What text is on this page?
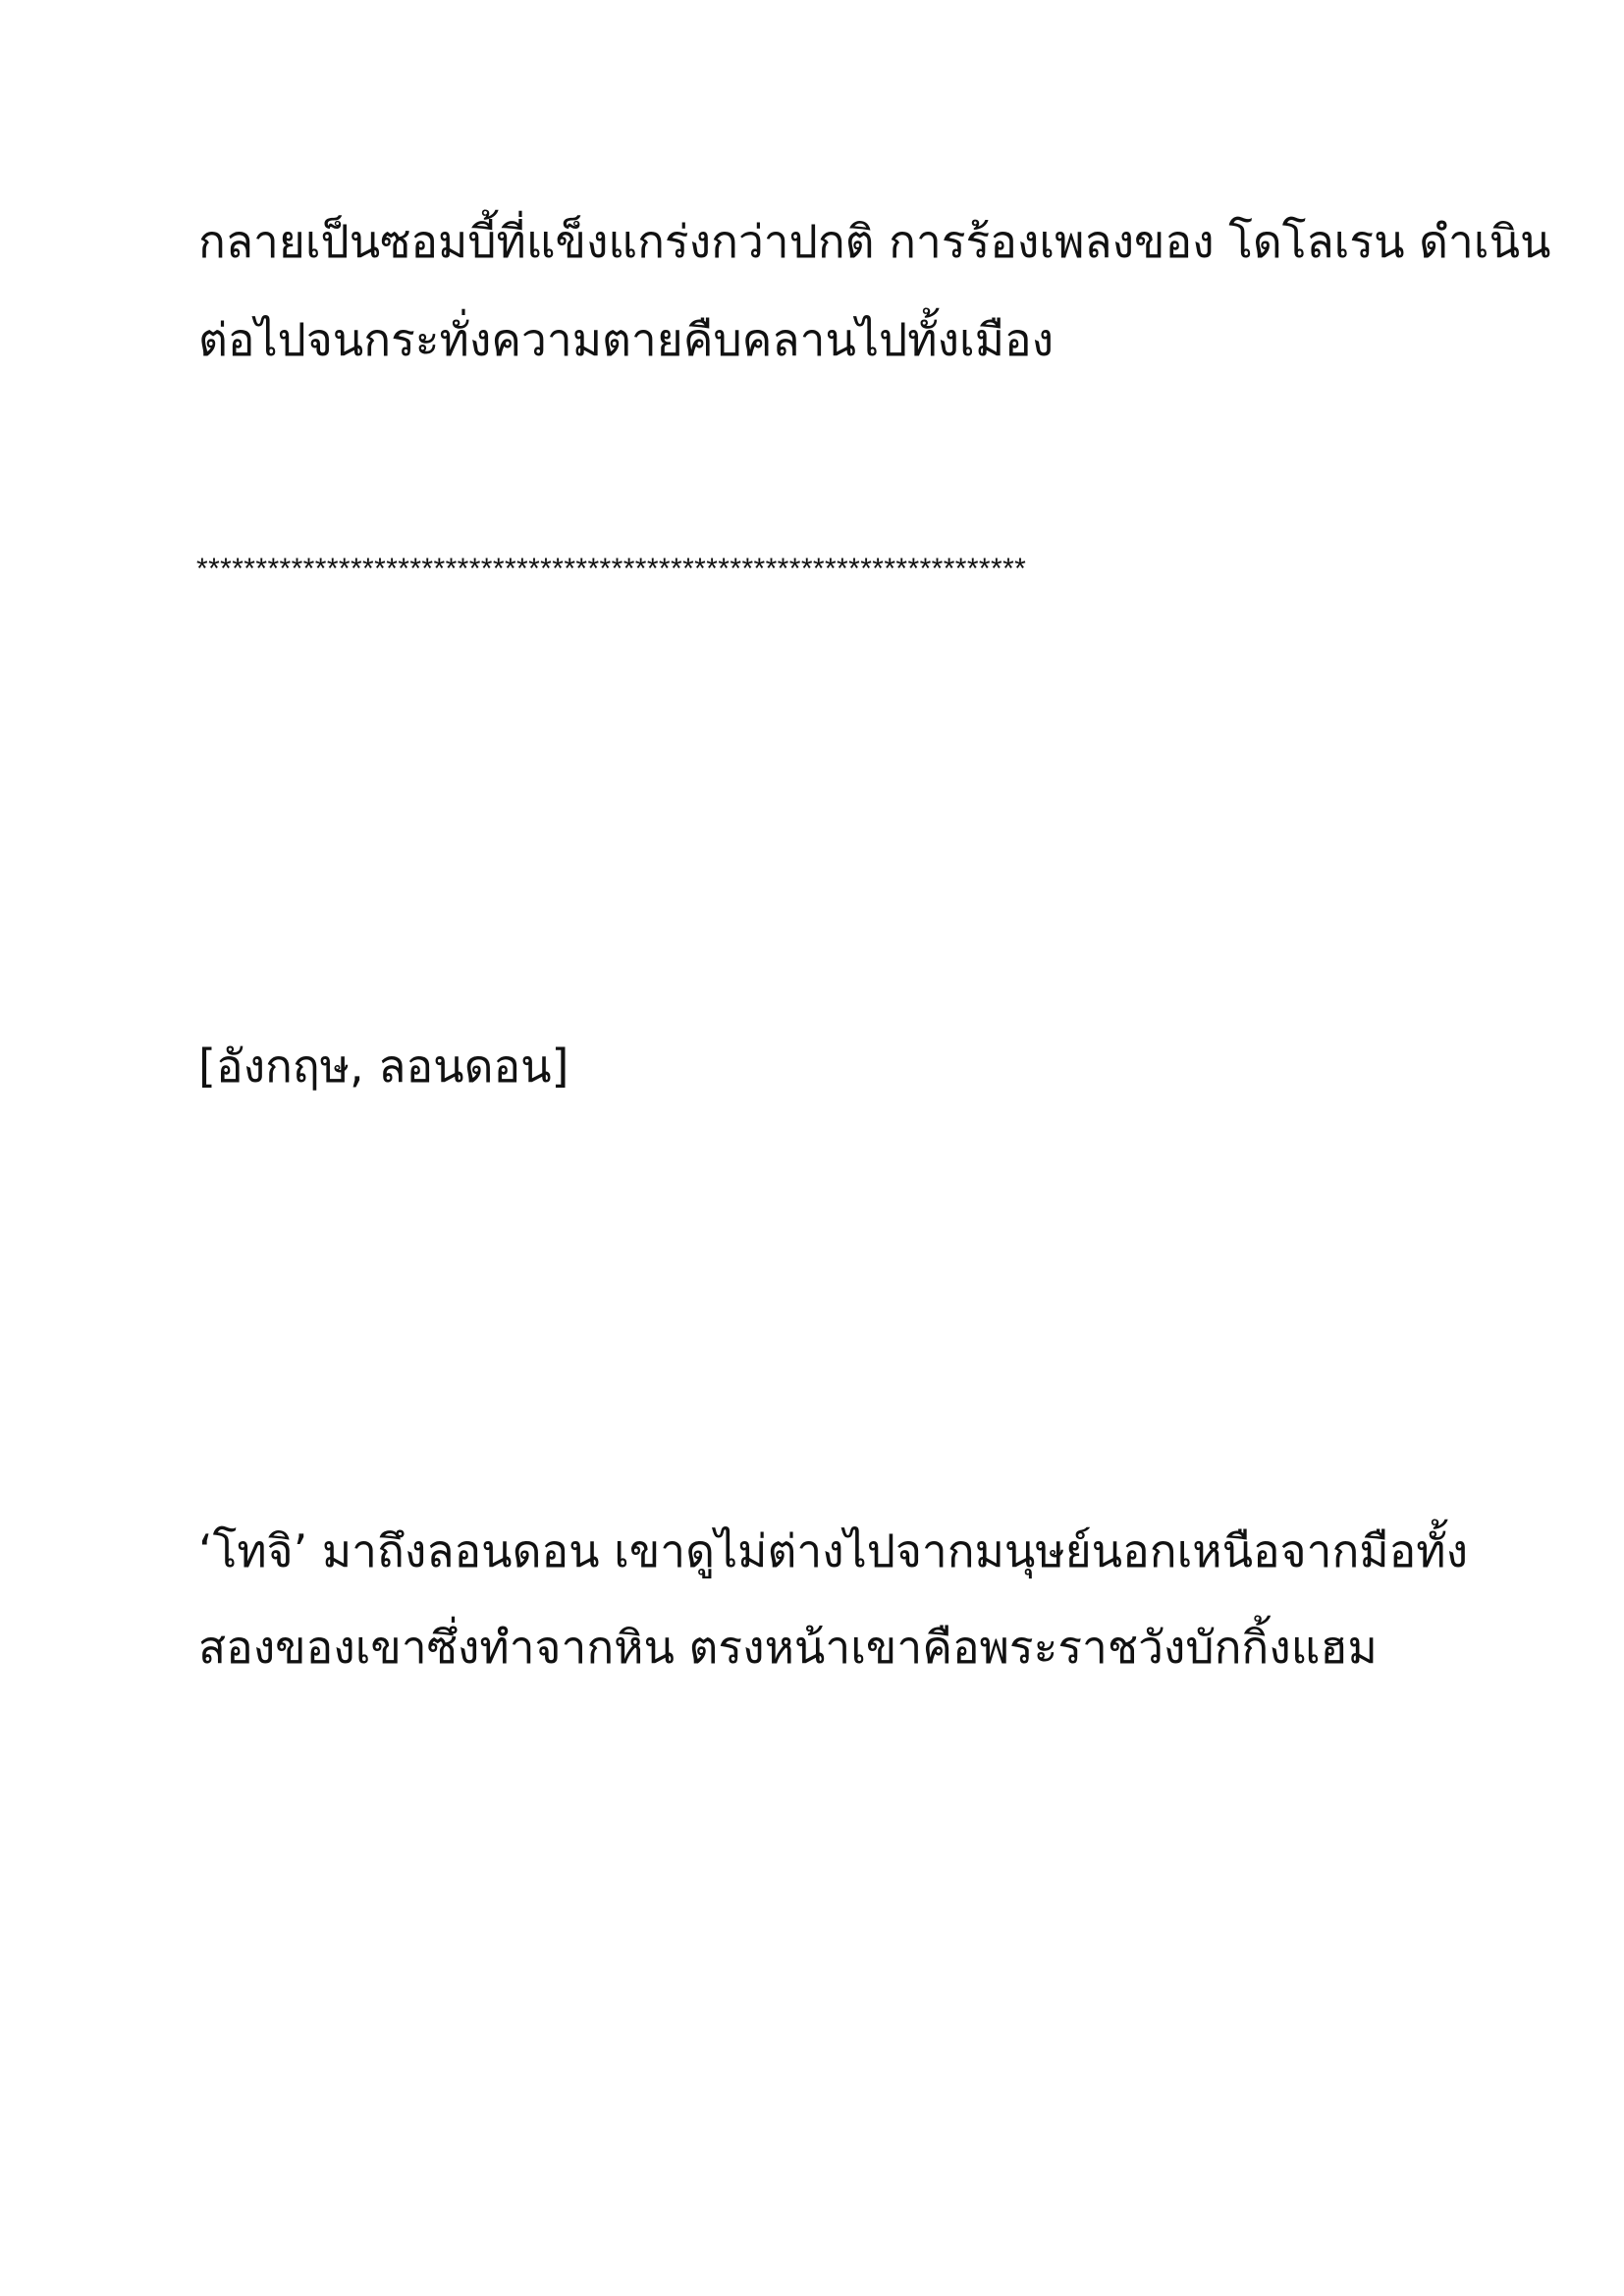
กลายเป็นซอมบี้ที่แข็งแกร่งกว่าปกติ การร้องเพลงของ โดโลเรน ดำเนิน
ต่อไปจนกระทั่งความตายคืบคลานไปทั้งเมือง
**********************************************************************
[อังกฤษ, ลอนดอน]
‘โทจิ’ มาถึงลอนดอน เขาดูไม่ต่างไปจากมนุษย์นอกเหนือจากมือทั้ง
สองของเขาซึ่งทำจากหิน ตรงหน้าเขาคือพระราชวังบักกิ้งแฮม
